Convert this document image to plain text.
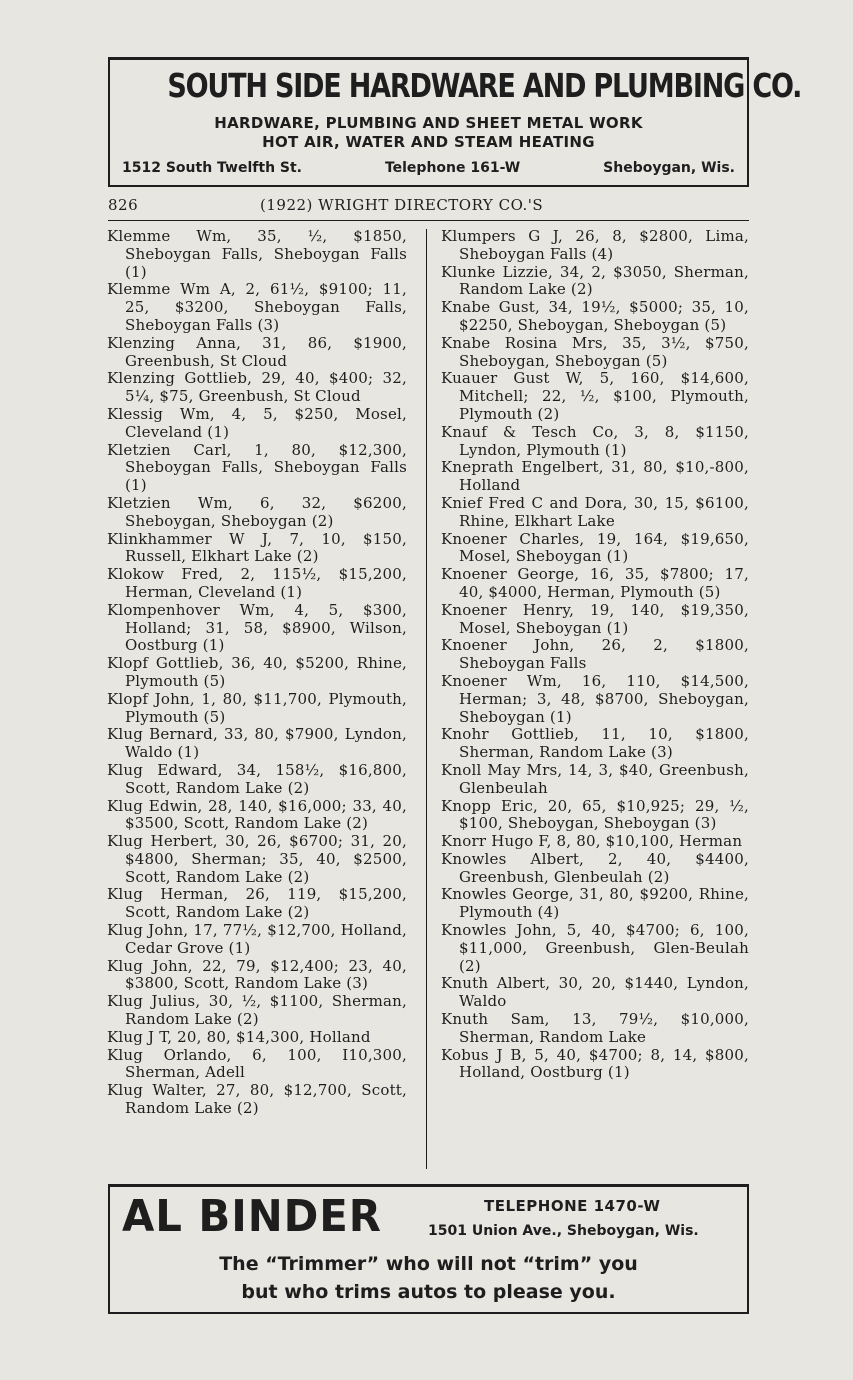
SOUTH SIDE HARDWARE AND PLUMBING CO.
HARDWARE, PLUMBING AND SHEET METAL WORK
HOT AIR, WATER AND STEAM HEATING
1512 South Twelfth St.	Telephone 161-W	Sheboygan, Wis.
826	(1922) WRIGHT DIRECTORY CO.'S
Klemme Wm, 35, ½, $1850, Sheboygan Falls, Sheboygan Falls (1)
Klemme Wm A, 2, 61½, $9100; 11, 25, $3200, Sheboygan Falls, Sheboygan Falls (3)
Klenzing Anna, 31, 86, $1900, Greenbush, St Cloud
Klenzing Gottlieb, 29, 40, $400; 32, 5¼, $75, Greenbush, St Cloud
Klessig Wm, 4, 5, $250, Mosel, Cleveland (1)
Kletzien Carl, 1, 80, $12,300, Sheboygan Falls, Sheboygan Falls (1)
Kletzien Wm, 6, 32, $6200, Sheboygan, Sheboygan (2)
Klinkhammer W J, 7, 10, $150, Russell, Elkhart Lake (2)
Klokow Fred, 2, 115½, $15,200, Herman, Cleveland (1)
Klompenhover Wm, 4, 5, $300, Holland; 31, 58, $8900, Wilson, Oostburg (1)
Klopf Gottlieb, 36, 40, $5200, Rhine, Plymouth (5)
Klopf John, 1, 80, $11,700, Plymouth, Plymouth (5)
Klug Bernard, 33, 80, $7900, Lyndon, Waldo (1)
Klug Edward, 34, 158½, $16,800, Scott, Random Lake (2)
Klug Edwin, 28, 140, $16,000; 33, 40, $3500, Scott, Random Lake (2)
Klug Herbert, 30, 26, $6700; 31, 20, $4800, Sherman; 35, 40, $2500, Scott, Random Lake (2)
Klug Herman, 26, 119, $15,200, Scott, Random Lake (2)
Klug John, 17, 77½, $12,700, Holland, Cedar Grove (1)
Klug John, 22, 79, $12,400; 23, 40, $3800, Scott, Random Lake (3)
Klug Julius, 30, ½, $1100, Sherman, Random Lake (2)
Klug J T, 20, 80, $14,300, Holland
Klug Orlando, 6, 100, I10,300, Sherman, Adell
Klug Walter, 27, 80, $12,700, Scott, Random Lake (2)
Klumpers G J, 26, 8, $2800, Lima, Sheboygan Falls (4)
Klunke Lizzie, 34, 2, $3050, Sherman, Random Lake (2)
Knabe Gust, 34, 19½, $5000; 35, 10, $2250, Sheboygan, Sheboygan (5)
Knabe Rosina Mrs, 35, 3½, $750, Sheboygan, Sheboygan (5)
Kuauer Gust W, 5, 160, $14,600, Mitchell; 22, ½, $100, Plymouth, Plymouth (2)
Knauf & Tesch Co, 3, 8, $1150, Lyndon, Plymouth (1)
Kneprath Engelbert, 31, 80, $10,-800, Holland
Knief Fred C and Dora, 30, 15, $6100, Rhine, Elkhart Lake
Knoener Charles, 19, 164, $19,650, Mosel, Sheboygan (1)
Knoener George, 16, 35, $7800; 17, 40, $4000, Herman, Plymouth (5)
Knoener Henry, 19, 140, $19,350, Mosel, Sheboygan (1)
Knoener John, 26, 2, $1800, Sheboygan Falls
Knoener Wm, 16, 110, $14,500, Herman; 3, 48, $8700, Sheboygan, Sheboygan (1)
Knohr Gottlieb, 11, 10, $1800, Sherman, Random Lake (3)
Knoll May Mrs, 14, 3, $40, Greenbush, Glenbeulah
Knopp Eric, 20, 65, $10,925; 29, ½, $100, Sheboygan, Sheboygan (3)
Knorr Hugo F, 8, 80, $10,100, Herman
Knowles Albert, 2, 40, $4400, Greenbush, Glenbeulah (2)
Knowles George, 31, 80, $9200, Rhine, Plymouth (4)
Knowles John, 5, 40, $4700; 6, 100, $11,000, Greenbush, Glen-Beulah (2)
Knuth Albert, 30, 20, $1440, Lyndon, Waldo
Knuth Sam, 13, 79½, $10,000, Sherman, Random Lake
Kobus J B, 5, 40, $4700; 8, 14, $800, Holland, Oostburg (1)
AL BINDER	TELEPHONE 1470-W
1501 Union Ave., Sheboygan, Wis.
The “Trimmer” who will not “trim” you
but who trims autos to please you.
